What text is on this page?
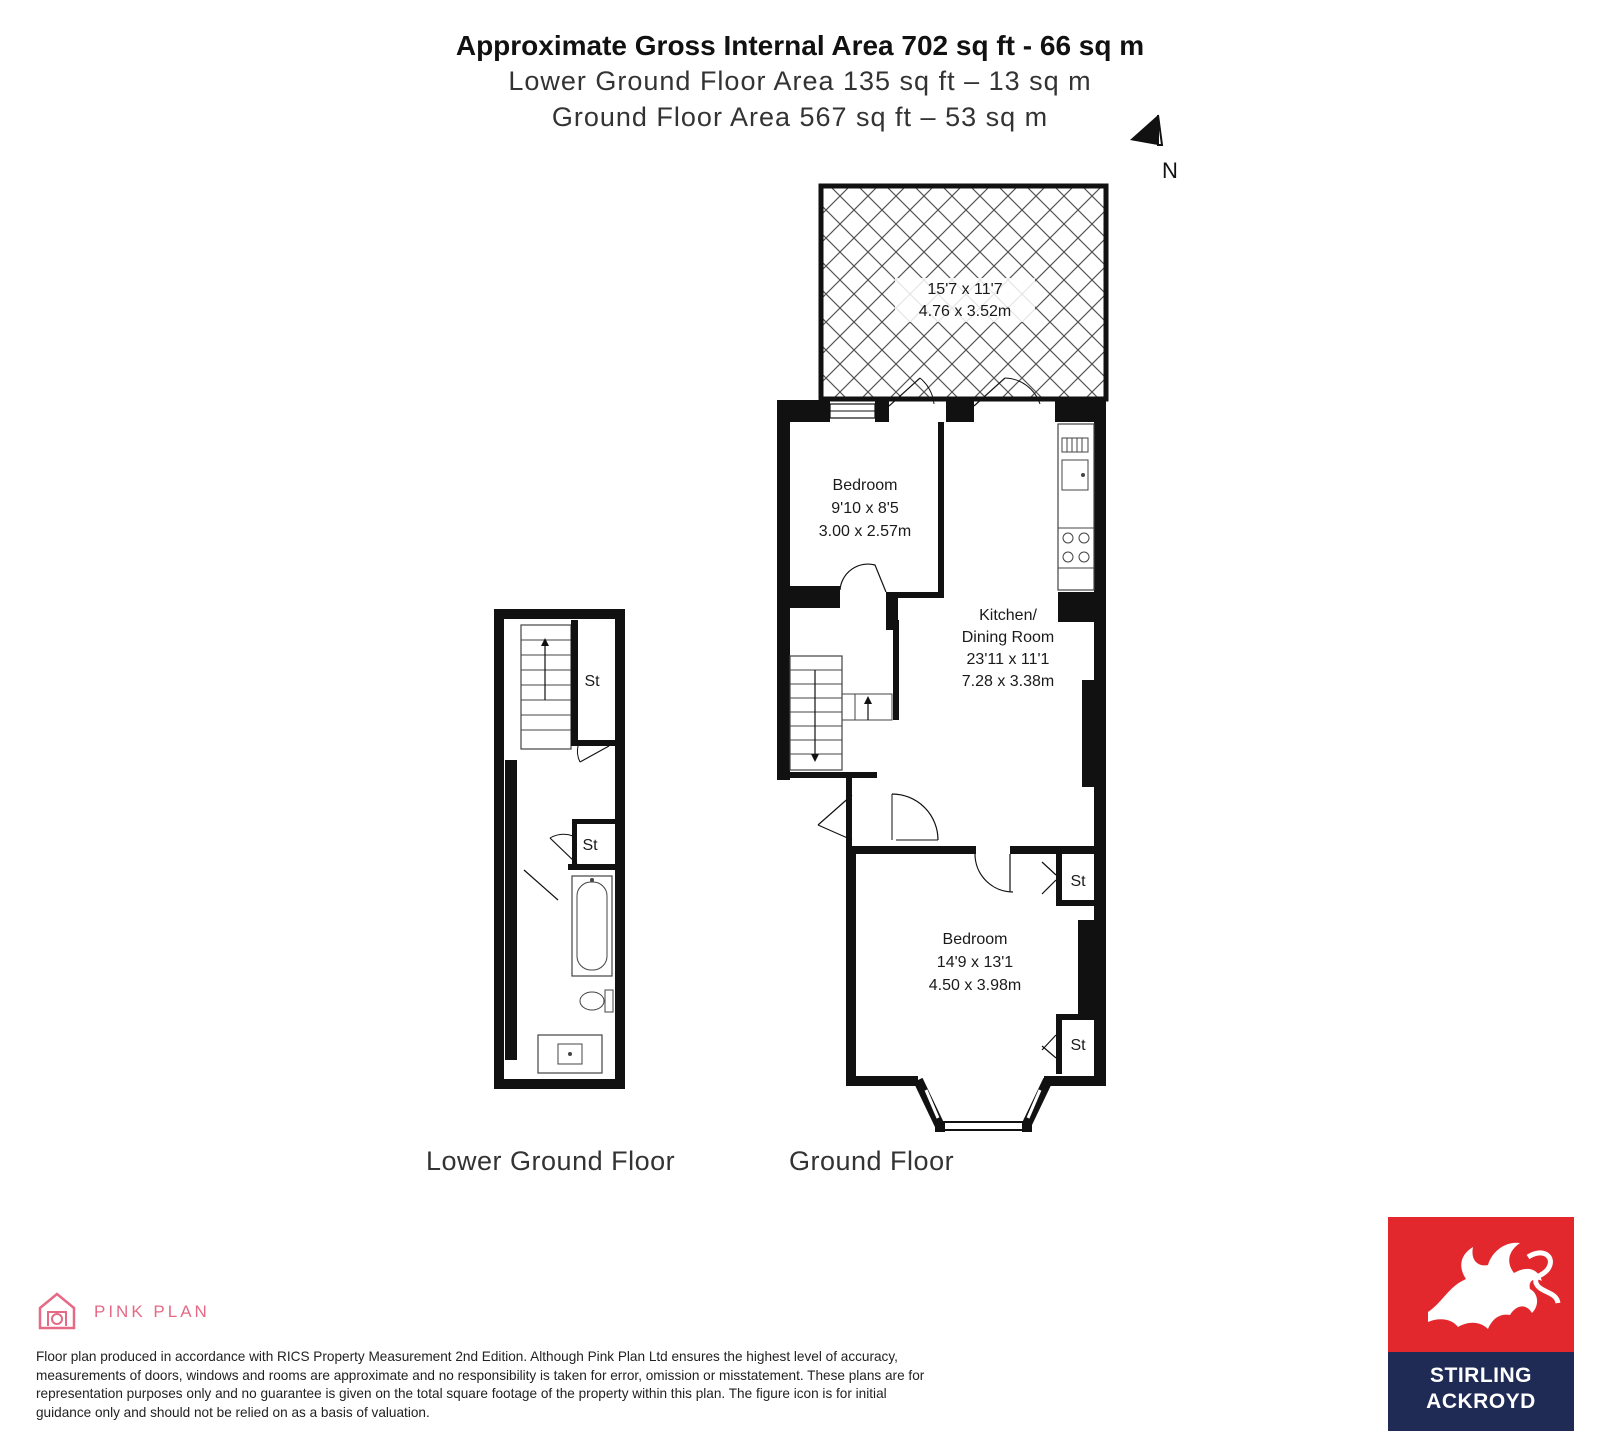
Approximate Gross Internal Area 702 sq ft - 66 sq m
Lower Ground Floor Area 135 sq ft – 13 sq m
Ground Floor Area 567 sq ft – 53 sq m
N
St
St
15'7 x 11'7
4.76 x 3.52m
Bedroom
9'10 x 8'5
3.00 x 2.57m
Kitchen/
Dining Room
23'11 x 11'1
7.28 x 3.38m
Bedroom
14'9 x 13'1
4.50 x 3.98m
St
St
Lower Ground Floor	Ground Floor
PINK PLAN
Floor plan produced in accordance with RICS Property Measurement 2nd Edition. Although Pink Plan Ltd ensures the highest level of accuracy, measurements of doors, windows and rooms are approximate and no responsibility is taken for error, omission or misstatement. These plans are for representation purposes only and no guarantee is given on the total square footage of the property within this plan. The figure icon is for initial guidance only and should not be relied on as a basis of valuation.
STIRLING
ACKROYD
